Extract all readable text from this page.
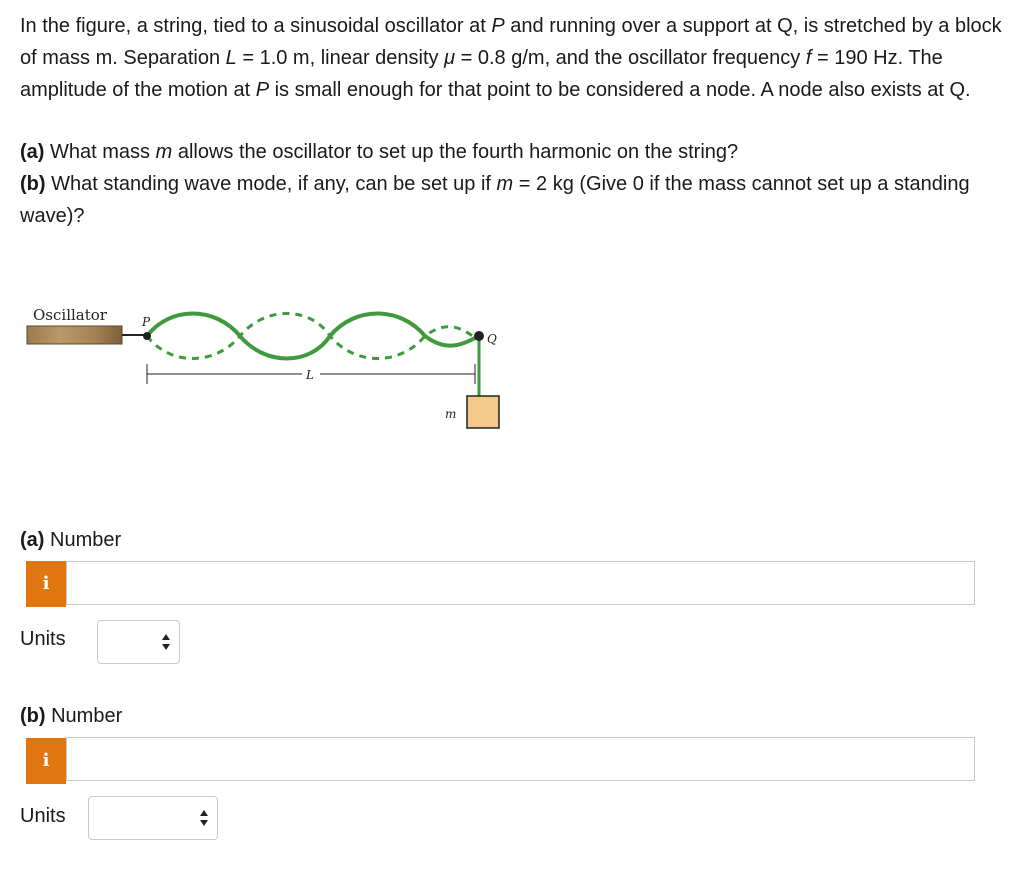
In the figure, a string, tied to a sinusoidal oscillator at P and running over a support at Q, is stretched by a block of mass m. Separation L = 1.0 m, linear density μ = 0.8 g/m, and the oscillator frequency f = 190 Hz. The amplitude of the motion at P is small enough for that point to be considered a node. A node also exists at Q.

(a) What mass m allows the oscillator to set up the fourth harmonic on the string?

(b) What standing wave mode, if any, can be set up if m = 2 kg (Give 0 if the mass cannot set up a standing wave)?

Oscillator	P
Q
m
L
(a) Number
i
Units
(b) Number
i
Units
